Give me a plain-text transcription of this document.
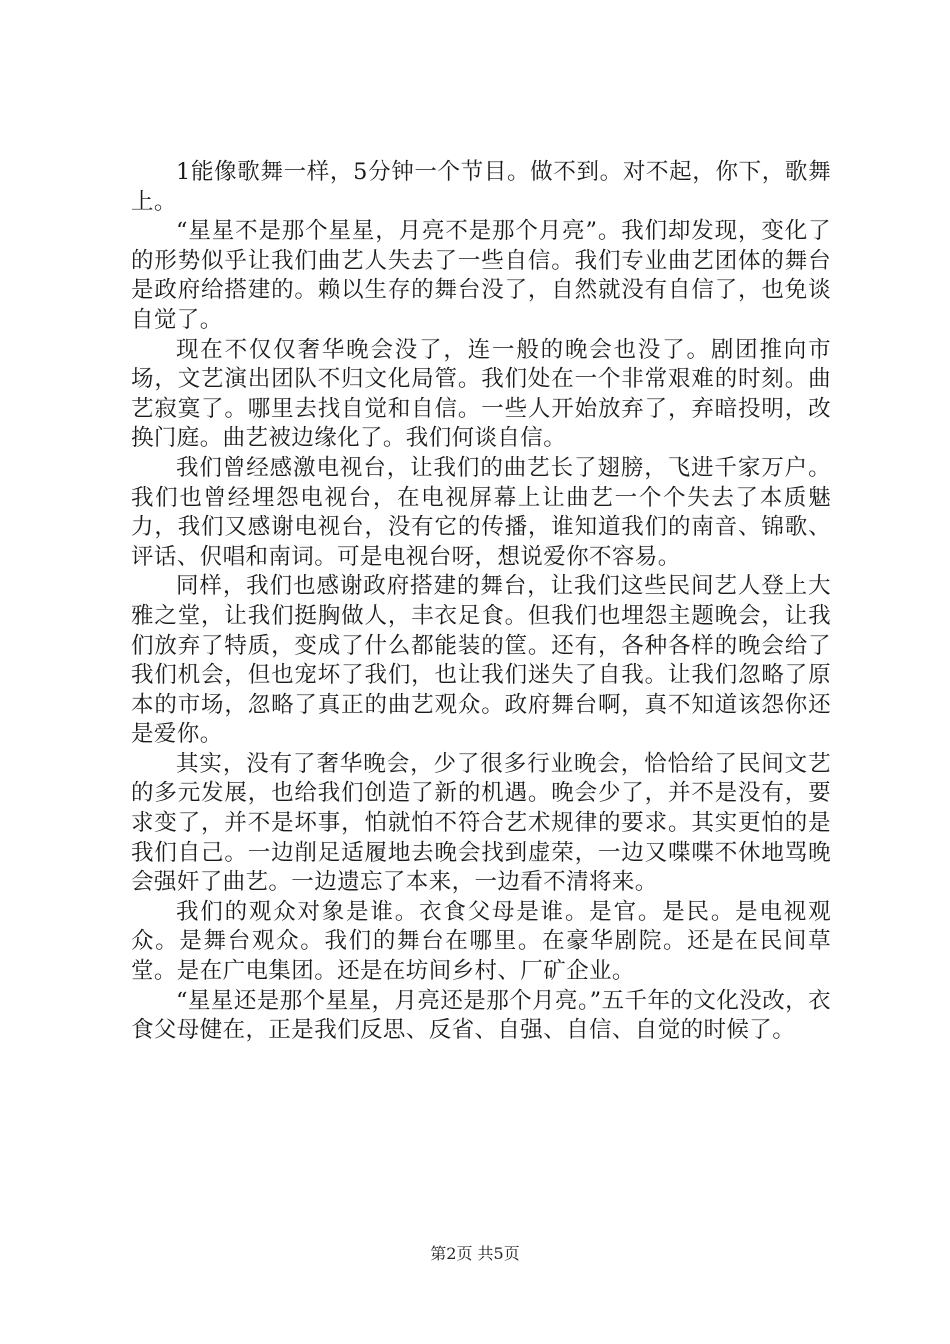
1能像歌舞一样，5分钟一个节目。做不到。对不起，你下，歌舞上。

“星星不是那个星星，月亮不是那个月亮”。我们却发现，变化了的形势似乎让我们曲艺人失去了一些自信。我们专业曲艺团体的舞台是政府给搭建的。赖以生存的舞台没了，自然就没有自信了，也免谈自觉了。

现在不仅仅奢华晚会没了，连一般的晚会也没了。剧团推向市场，文艺演出团队不归文化局管。我们处在一个非常艰难的时刻。曲艺寂寞了。哪里去找自觉和自信。一些人开始放弃了，弃暗投明，改换门庭。曲艺被边缘化了。我们何谈自信。

我们曾经感激电视台，让我们的曲艺长了翅膀，飞进千家万户。我们也曾经埋怨电视台，在电视屏幕上让曲艺一个个失去了本质魅力，我们又感谢电视台，没有它的传播，谁知道我们的南音、锦歌、评话、伬唱和南词。可是电视台呀，想说爱你不容易。

同样，我们也感谢政府搭建的舞台，让我们这些民间艺人登上大雅之堂，让我们挺胸做人，丰衣足食。但我们也埋怨主题晚会，让我们放弃了特质，变成了什么都能装的筐。还有，各种各样的晚会给了我们机会，但也宠坏了我们，也让我们迷失了自我。让我们忽略了原本的市场，忽略了真正的曲艺观众。政府舞台啊，真不知道该怨你还是爱你。

其实，没有了奢华晚会，少了很多行业晚会，恰恰给了民间文艺的多元发展，也给我们创造了新的机遇。晚会少了，并不是没有，要求变了，并不是坏事，怕就怕不符合艺术规律的要求。其实更怕的是我们自己。一边削足适履地去晚会找到虚荣，一边又喋喋不休地骂晚会强奸了曲艺。一边遗忘了本来，一边看不清将来。

我们的观众对象是谁。衣食父母是谁。是官。是民。是电视观众。是舞台观众。我们的舞台在哪里。在豪华剧院。还是在民间草堂。是在广电集团。还是在坊间乡村、厂矿企业。

“星星还是那个星星，月亮还是那个月亮。”五千年的文化没改，衣食父母健在，正是我们反思、反省、自强、自信、自觉的时候了。

第2页 共5页
